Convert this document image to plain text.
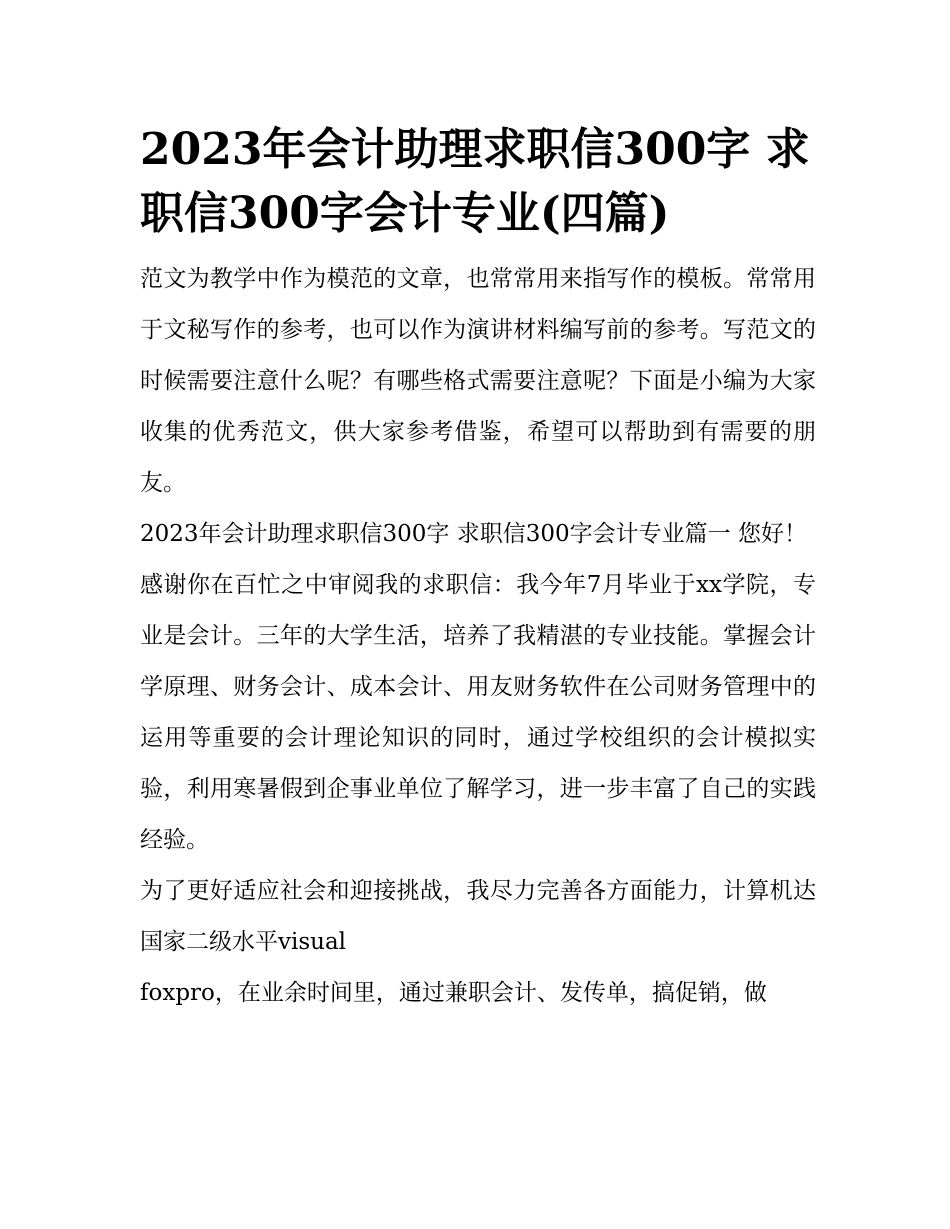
2023年会计助理求职信300字 求职信300字会计专业(四篇)

范文为教学中作为模范的文章，也常常用来指写作的模板。常常用于文秘写作的参考，也可以作为演讲材料编写前的参考。写范文的时候需要注意什么呢？有哪些格式需要注意呢？下面是小编为大家收集的优秀范文，供大家参考借鉴，希望可以帮助到有需要的朋友。

2023年会计助理求职信300字 求职信300字会计专业篇一 您好！

感谢你在百忙之中审阅我的求职信：我今年7月毕业于xx学院，专业是会计。三年的大学生活，培养了我精湛的专业技能。掌握会计学原理、财务会计、成本会计、用友财务软件在公司财务管理中的运用等重要的会计理论知识的同时，通过学校组织的会计模拟实验，利用寒暑假到企事业单位了解学习，进一步丰富了自己的实践经验。

为了更好适应社会和迎接挑战，我尽力完善各方面能力，计算机达国家二级水平visual

foxpro，在业余时间里，通过兼职会计、发传单，搞促销，做
